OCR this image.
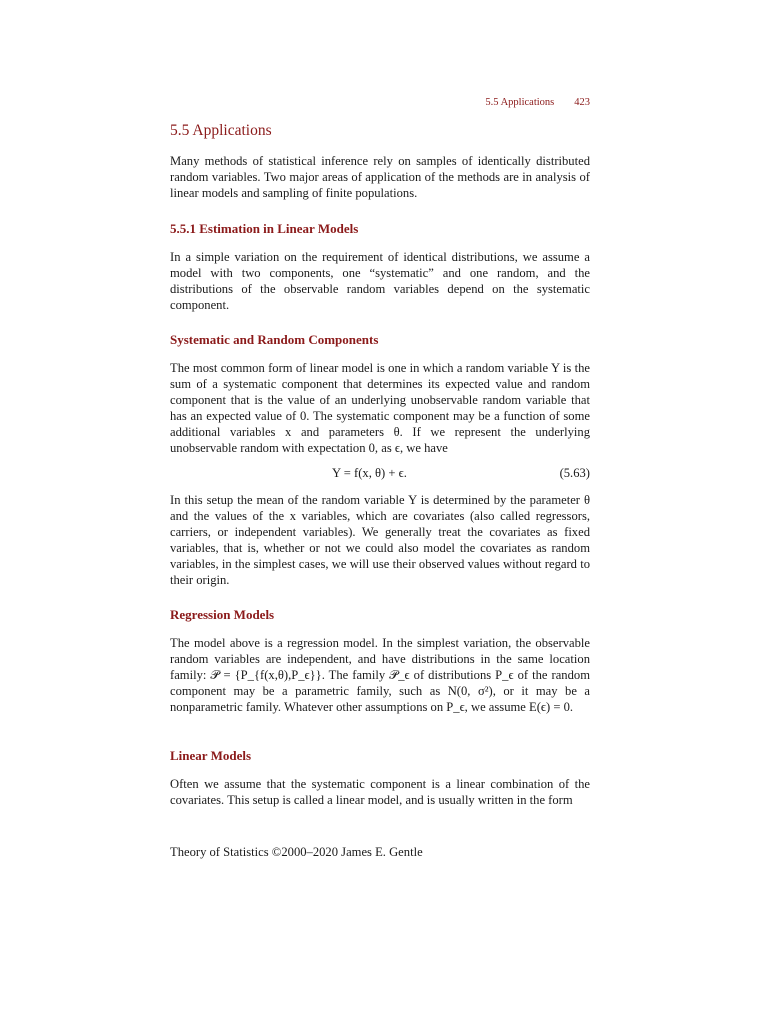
5.5 Applications 423
5.5 Applications

Many methods of statistical inference rely on samples of identically distributed random variables. Two major areas of application of the methods are in analysis of linear models and sampling of finite populations.

5.5.1 Estimation in Linear Models

In a simple variation on the requirement of identical distributions, we assume a model with two components, one “systematic” and one random, and the distributions of the observable random variables depend on the systematic component.

Systematic and Random Components

The most common form of linear model is one in which a random variable Y is the sum of a systematic component that determines its expected value and random component that is the value of an underlying unobservable random variable that has an expected value of 0. The systematic component may be a function of some additional variables x and parameters θ. If we represent the underlying unobservable random with expectation 0, as ϵ, we have

Y = f(x, θ) + ϵ.	(5.63)

In this setup the mean of the random variable Y is determined by the parameter θ and the values of the x variables, which are covariates (also called regressors, carriers, or independent variables). We generally treat the covariates as fixed variables, that is, whether or not we could also model the covariates as random variables, in the simplest cases, we will use their observed values without regard to their origin.

Regression Models

The model above is a regression model. In the simplest variation, the observable random variables are independent, and have distributions in the same location family: 𝒫 = {P_{f(x,θ),P_ϵ}}. The family 𝒫_ϵ of distributions P_ϵ of the random component may be a parametric family, such as N(0, σ²), or it may be a nonparametric family. Whatever other assumptions on P_ϵ, we assume E(ϵ) = 0.

Linear Models

Often we assume that the systematic component is a linear combination of the covariates. This setup is called a linear model, and is usually written in the form

Theory of Statistics ©2000–2020 James E. Gentle
